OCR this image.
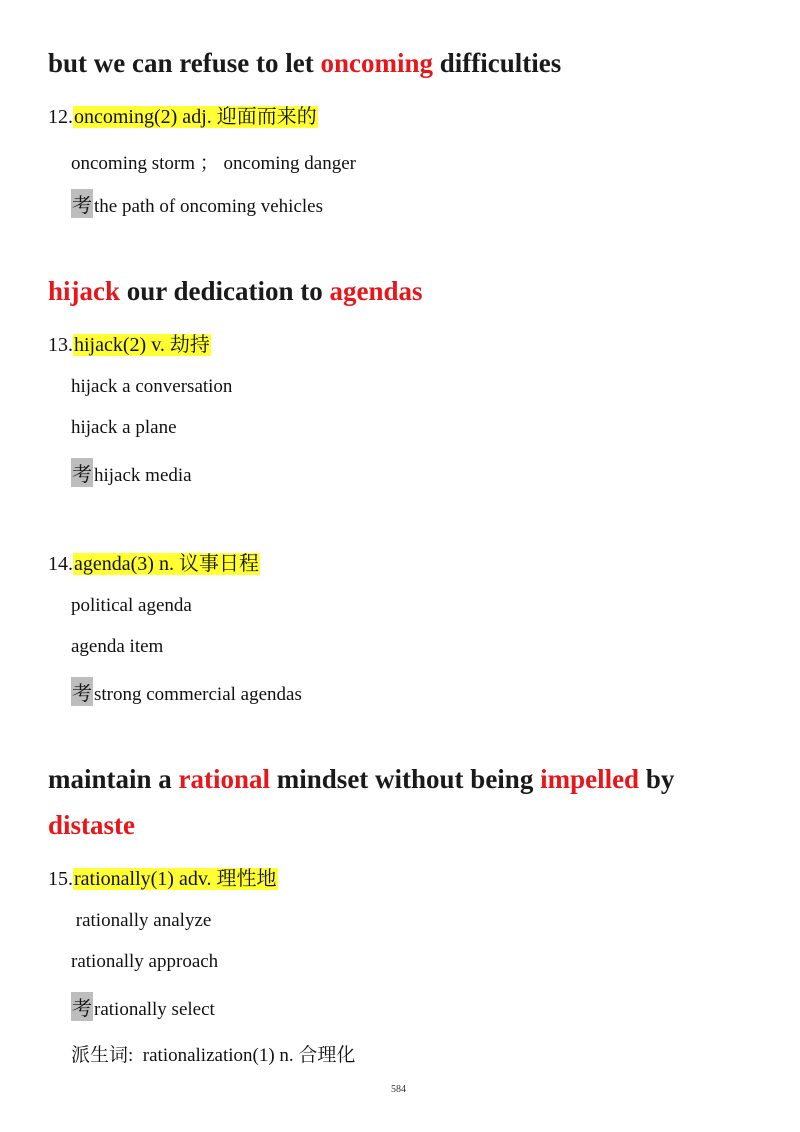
but we can refuse to let oncoming difficulties
12.oncoming(2) adj. 迎面而来的
oncoming storm ； oncoming danger
考 the path of oncoming vehicles
hijack our dedication to agendas
13.hijack(2) v. 劫持
hijack a conversation
hijack a plane
考 hijack media
14.agenda(3) n. 议事日程
political agenda
agenda item
考 strong commercial agendas
maintain a rational mindset without being impelled by
distaste
15.rationally(1) adv. 理性地
rationally analyze
rationally approach
考 rationally select
派生词:  rationalization(1) n. 合理化
584
